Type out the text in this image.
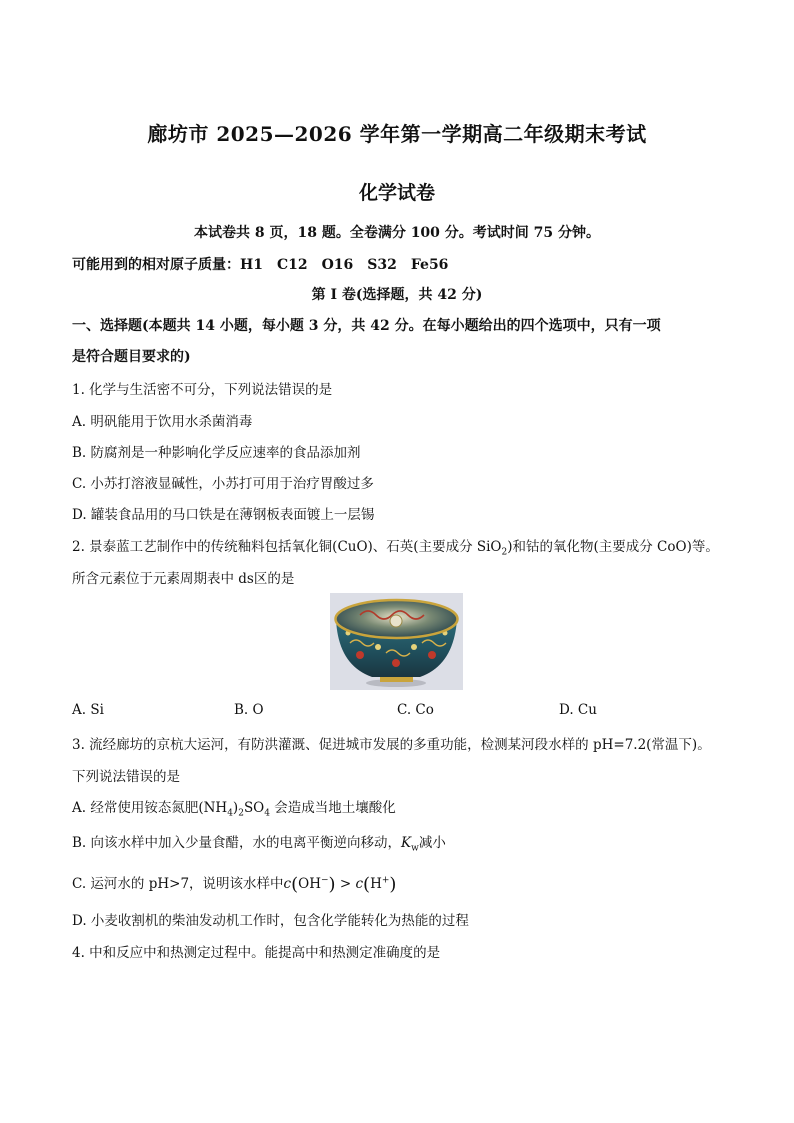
廊坊市 2025—2026 学年第一学期高二年级期末考试
化学试卷
本试卷共 8 页，18 题。全卷满分 100 分。考试时间 75 分钟。
可能用到的相对原子质量：H1　C12　O16　S32　Fe56
第 I 卷(选择题，共 42 分)
一、选择题(本题共 14 小题，每小题 3 分，共 42 分。在每小题给出的四个选项中，只有一项
是符合题目要求的)
1. 化学与生活密不可分，下列说法错误的是
A. 明矾能用于饮用水杀菌消毒
B. 防腐剂是一种影响化学反应速率的食品添加剂
C. 小苏打溶液显碱性，小苏打可用于治疗胃酸过多
D. 罐装食品用的马口铁是在薄钢板表面镀上一层锡
2. 景泰蓝工艺制作中的传统釉料包括氧化铜(CuO)、石英(主要成分 SiO$_2$)和钴的氧化物(主要成分 CoO)等。
所含元素位于元素周期表中 ds区的是
A. Si	B. O	C. Co	D. Cu
3. 流经廊坊的京杭大运河，有防洪灌溉、促进城市发展的多重功能，检测某河段水样的 pH=7.2(常温下)。
下列说法错误的是
A. 经常使用铵态氮肥$(NH_4)_2SO_4$ 会造成当地土壤酸化
B. 向该水样中加入少量食醋，水的电离平衡逆向移动，$K_w$减小
C. 运河水的 pH>7，说明该水样中c(OH−) > c(H+)
D. 小麦收割机的柴油发动机工作时，包含化学能转化为热能的过程
4. 中和反应中和热测定过程中。能提高中和热测定准确度的是
